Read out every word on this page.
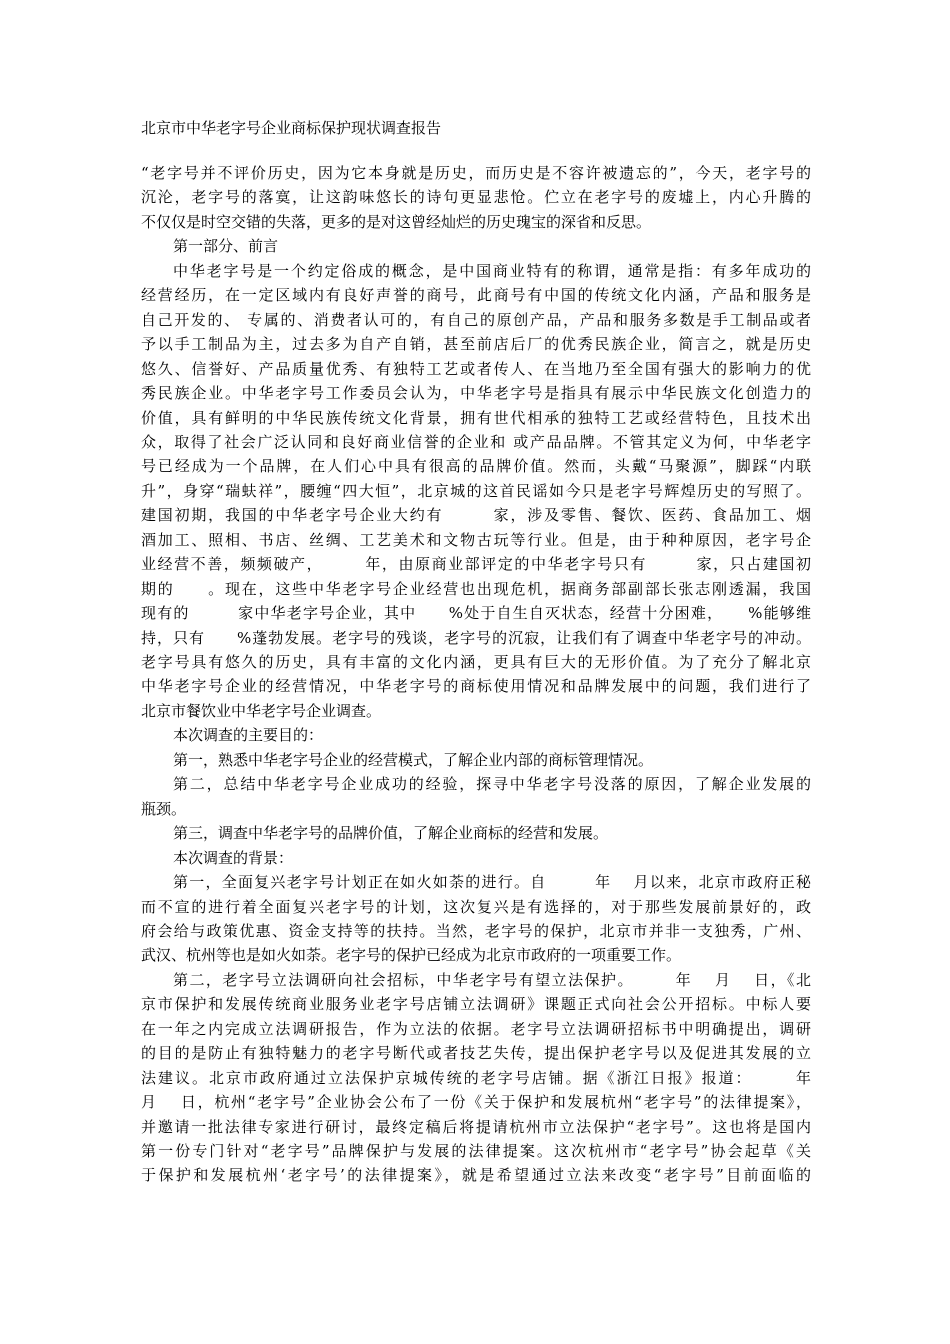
北京市中华老字号企业商标保护现状调查报告
“老字号并不评价历史，因为它本身就是历史，而历史是不容许被遗忘的”，今天，老字号的
沉沦，老字号的落寞，让这韵味悠长的诗句更显悲怆。伫立在老字号的废墟上，内心升腾的
不仅仅是时空交错的失落，更多的是对这曾经灿烂的历史瑰宝的深省和反思。
第一部分、前言
中华老字号是一个约定俗成的概念，是中国商业特有的称谓，通常是指：有多年成功的
经营经历，在一定区域内有良好声誉的商号，此商号有中国的传统文化内涵，产品和服务是
自己开发的、 专属的、消费者认可的，有自己的原创产品，产品和服务多数是手工制品或者
予以手工制品为主，过去多为自产自销，甚至前店后厂的优秀民族企业，简言之，就是历史
悠久、信誉好、产品质量优秀、有独特工艺或者传人、在当地乃至全国有强大的影响力的优
秀民族企业。中华老字号工作委员会认为，中华老字号是指具有展示中华民族文化创造力的
价值，具有鲜明的中华民族传统文化背景，拥有世代相承的独特工艺或经营特色，且技术出
众，取得了社会广泛认同和良好商业信誉的企业和 或产品品牌。不管其定义为何，中华老字
号已经成为一个品牌，在人们心中具有很高的品牌价值。然而，头戴“马聚源”，脚踩“内联
升”，身穿“瑞蚨祥”，腰缠“四大恒”，北京城的这首民谣如今只是老字号辉煌历史的写照了。
建国初期，我国的中华老字号企业大约有　　　家，涉及零售、餐饮、医药、食品加工、烟
酒加工、照相、书店、丝绸、工艺美术和文物古玩等行业。但是，由于种种原因，老字号企
业经营不善，频频破产，　　　年，由原商业部评定的中华老字号只有　　　家，只占建国初
期的　　。现在，这些中华老字号企业经营也出现危机，据商务部副部长张志刚透漏，我国
现有的　　　家中华老字号企业，其中　　%处于自生自灭状态，经营十分困难，　　%能够维
持，只有　　%蓬勃发展。老字号的残谈，老字号的沉寂，让我们有了调查中华老字号的冲动。
老字号具有悠久的历史，具有丰富的文化内涵，更具有巨大的无形价值。为了充分了解北京
中华老字号企业的经营情况，中华老字号的商标使用情况和品牌发展中的问题，我们进行了
北京市餐饮业中华老字号企业调查。
本次调查的主要目的：
第一，熟悉中华老字号企业的经营模式，了解企业内部的商标管理情况。
第二，总结中华老字号企业成功的经验，探寻中华老字号没落的原因，了解企业发展的
瓶颈。
第三，调查中华老字号的品牌价值，了解企业商标的经营和发展。
本次调查的背景：
第一，全面复兴老字号计划正在如火如荼的进行。自　　　年　 月以来，北京市政府正秘
而不宣的进行着全面复兴老字号的计划，这次复兴是有选择的，对于那些发展前景好的，政
府会给与政策优惠、资金支持等的扶持。当然，老字号的保护，北京市并非一支独秀，广州、
武汉、杭州等也是如火如荼。老字号的保护已经成为北京市政府的一项重要工作。
第二，老字号立法调研向社会招标，中华老字号有望立法保护。　　　年　 月　 日，《北
京市保护和发展传统商业服务业老字号店铺立法调研》课题正式向社会公开招标。中标人要
在一年之内完成立法调研报告，作为立法的依据。老字号立法调研招标书中明确提出，调研
的目的是防止有独特魅力的老字号断代或者技艺失传，提出保护老字号以及促进其发展的立
法建议。北京市政府通过立法保护京城传统的老字号店铺。据《浙江日报》报道：　　　年
月　 日，杭州“老字号”企业协会公布了一份《关于保护和发展杭州“老字号”的法律提案》，
并邀请一批法律专家进行研讨，最终定稿后将提请杭州市立法保护“老字号”。这也将是国内
第一份专门针对“老字号”品牌保护与发展的法律提案。这次杭州市“老字号”协会起草《关
于保护和发展杭州‘老字号’的法律提案》，就是希望通过立法来改变“老字号”目前面临的
